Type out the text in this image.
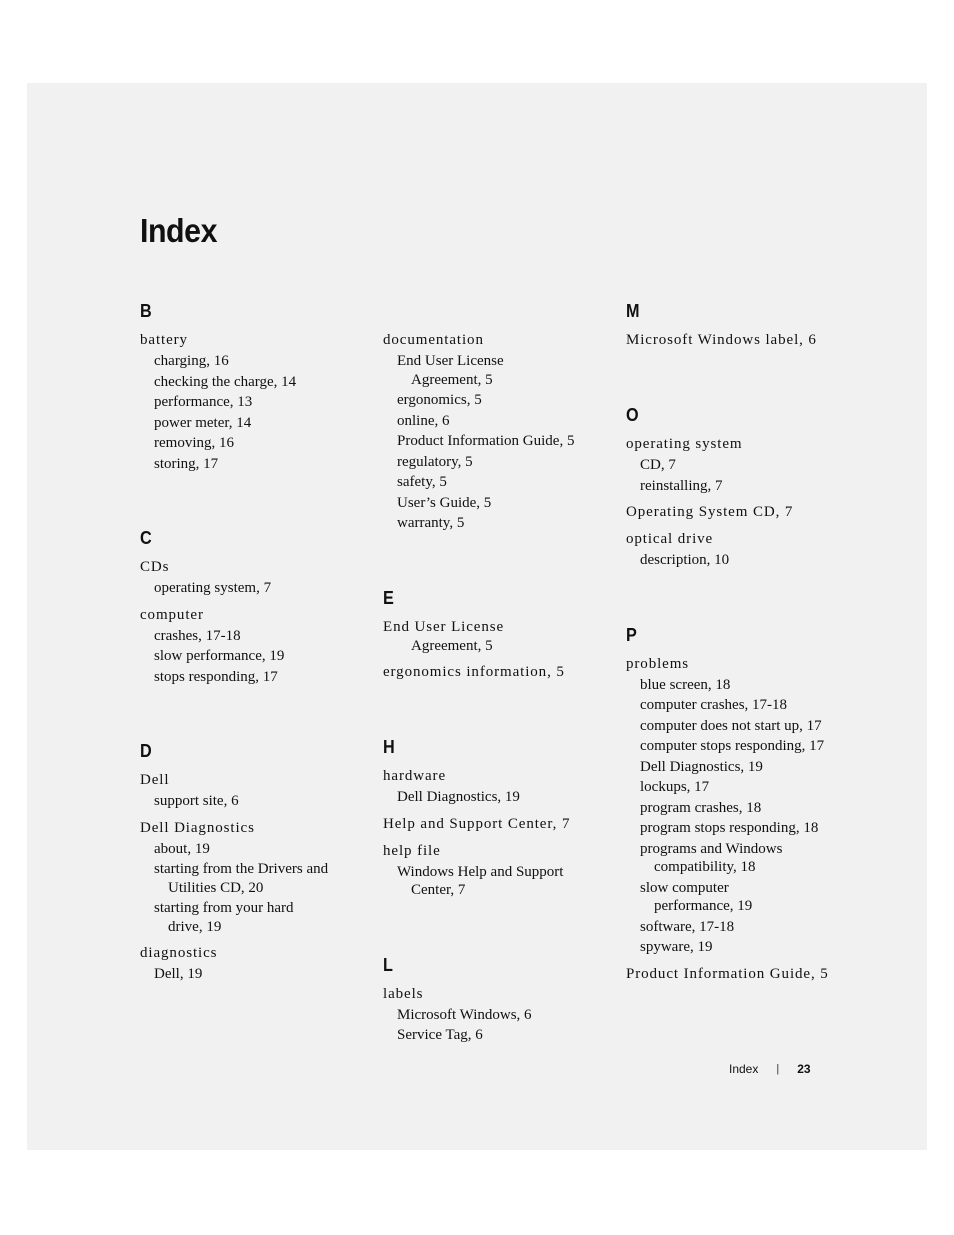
Index
B
battery
charging, 16
checking the charge, 14
performance, 13
power meter, 14
removing, 16
storing, 17
C
CDs
operating system, 7
computer
crashes, 17-18
slow performance, 19
stops responding, 17
D
Dell
support site, 6
Dell Diagnostics
about, 19
starting from the Drivers and
Utilities CD, 20
starting from your hard
drive, 19
diagnostics
Dell, 19
documentation
End User License
Agreement, 5
ergonomics, 5
online, 6
Product Information Guide, 5
regulatory, 5
safety, 5
User’s Guide, 5
warranty, 5
E
End User License
Agreement, 5
ergonomics information, 5
H
hardware
Dell Diagnostics, 19
Help and Support Center, 7
help file
Windows Help and Support
Center, 7
L
labels
Microsoft Windows, 6
Service Tag, 6
M
Microsoft Windows label, 6
O
operating system
CD, 7
reinstalling, 7
Operating System CD, 7
optical drive
description, 10
P
problems
blue screen, 18
computer crashes, 17-18
computer does not start up, 17
computer stops responding, 17
Dell Diagnostics, 19
lockups, 17
program crashes, 18
program stops responding, 18
programs and Windows
compatibility, 18
slow computer
performance, 19
software, 17-18
spyware, 19
Product Information Guide, 5
Index | 23
